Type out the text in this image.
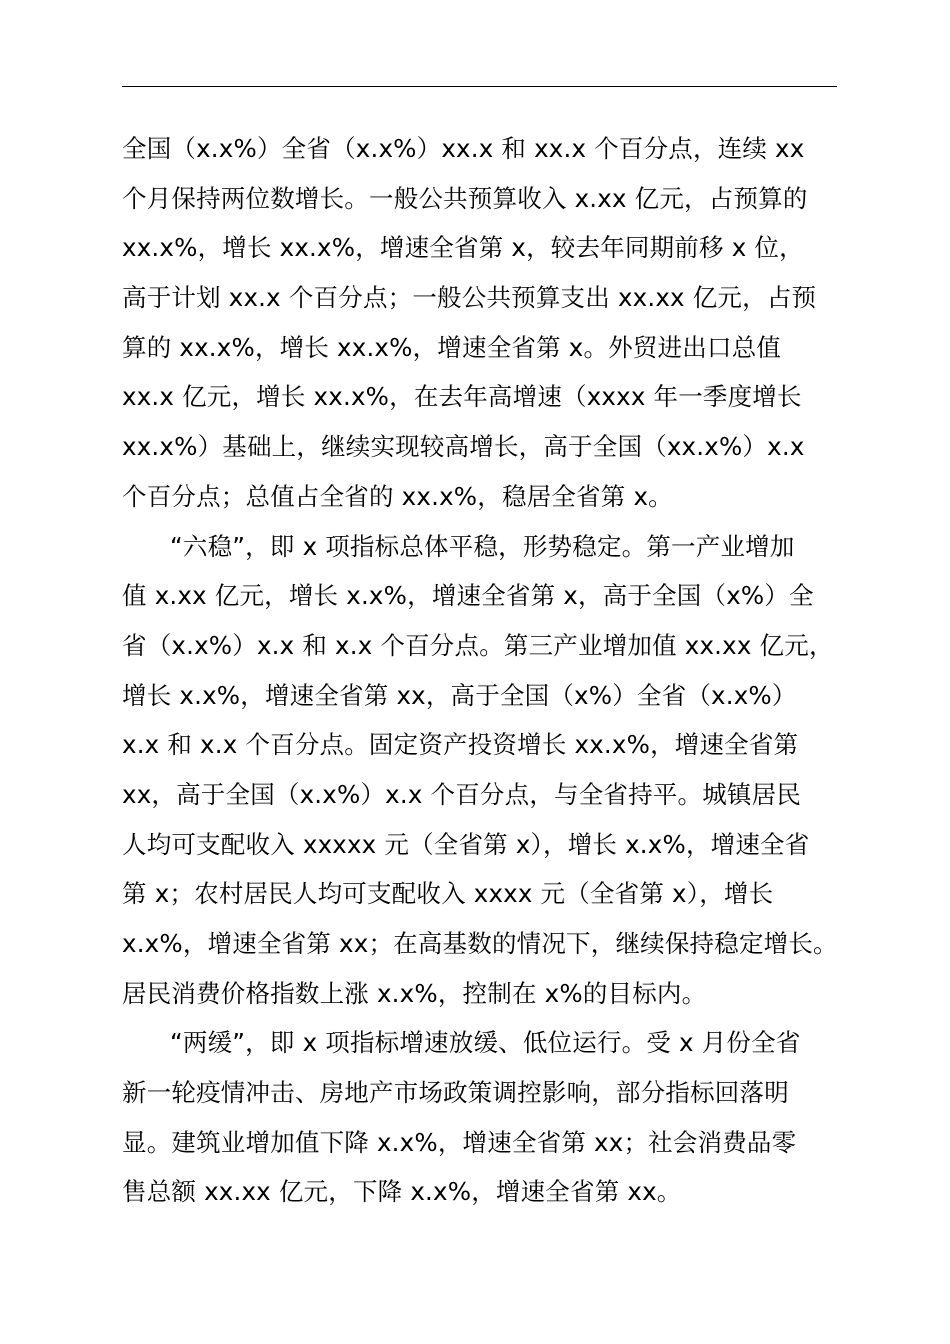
全国（x.x%）全省（x.x%）xx.x 和 xx.x 个百分点，连续 xx
个月保持两位数增长。一般公共预算收入 x.xx 亿元，占预算的
xx.x%，增长 xx.x%，增速全省第 x，较去年同期前移 x 位，
高于计划 xx.x 个百分点；一般公共预算支出 xx.xx 亿元，占预
算的 xx.x%，增长 xx.x%，增速全省第 x。外贸进出口总值
xx.x 亿元，增长 xx.x%，在去年高增速（xxxx 年一季度增长
xx.x%）基础上，继续实现较高增长，高于全国（xx.x%）x.x
个百分点；总值占全省的 xx.x%，稳居全省第 x。
“六稳”，即 x 项指标总体平稳，形势稳定。第一产业增加
值 x.xx 亿元，增长 x.x%，增速全省第 x，高于全国（x%）全
省（x.x%）x.x 和 x.x 个百分点。第三产业增加值 xx.xx 亿元，
增长 x.x%，增速全省第 xx，高于全国（x%）全省（x.x%）
x.x 和 x.x 个百分点。固定资产投资增长 xx.x%，增速全省第
xx，高于全国（x.x%）x.x 个百分点，与全省持平。城镇居民
人均可支配收入 xxxxx 元（全省第 x），增长 x.x%，增速全省
第 x；农村居民人均可支配收入 xxxx 元（全省第 x），增长
x.x%，增速全省第 xx；在高基数的情况下，继续保持稳定增长。
居民消费价格指数上涨 x.x%，控制在 x%的目标内。
“两缓”，即 x 项指标增速放缓、低位运行。受 x 月份全省
新一轮疫情冲击、房地产市场政策调控影响，部分指标回落明
显。建筑业增加值下降 x.x%，增速全省第 xx；社会消费品零
售总额 xx.xx 亿元，下降 x.x%，增速全省第 xx。
